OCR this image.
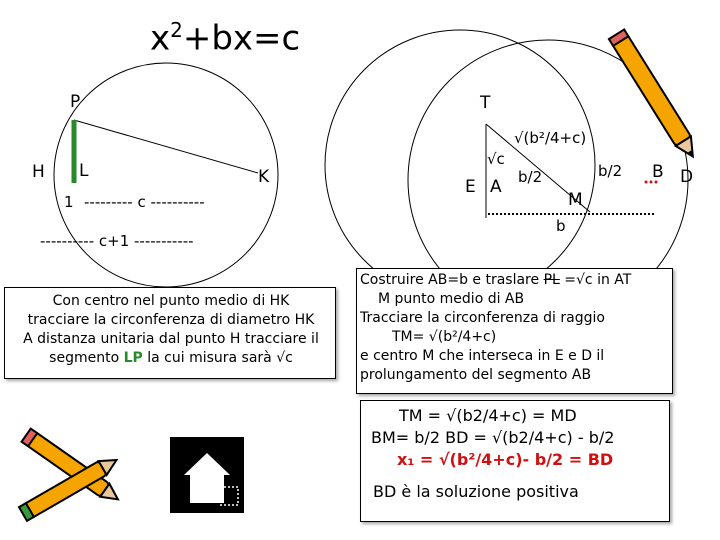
$x^2+bx=c$
P
H L	K
1 --------- c ----------
---------- c+1 -----------
T
√(b²/4+c)
√c
b/2	b/2
E A
M
B D
b
Con centro nel punto medio di HK
tracciare la circonferenza di diametro HK
A distanza unitaria dal punto H tracciare il
segmento LP la cui misura sarà √c
Costruire AB=b e traslare PL =√c in AT
M punto medio di AB
Tracciare la circonferenza di raggio
TM= √(b²/4+c)
e centro M che interseca in E e D il
prolungamento del segmento AB
TM = √(b2/4+c) = MD
BM= b/2 BD = √(b2/4+c) - b/2
x₁ = √(b²/4+c)- b/2 = BD
BD è la soluzione positiva
